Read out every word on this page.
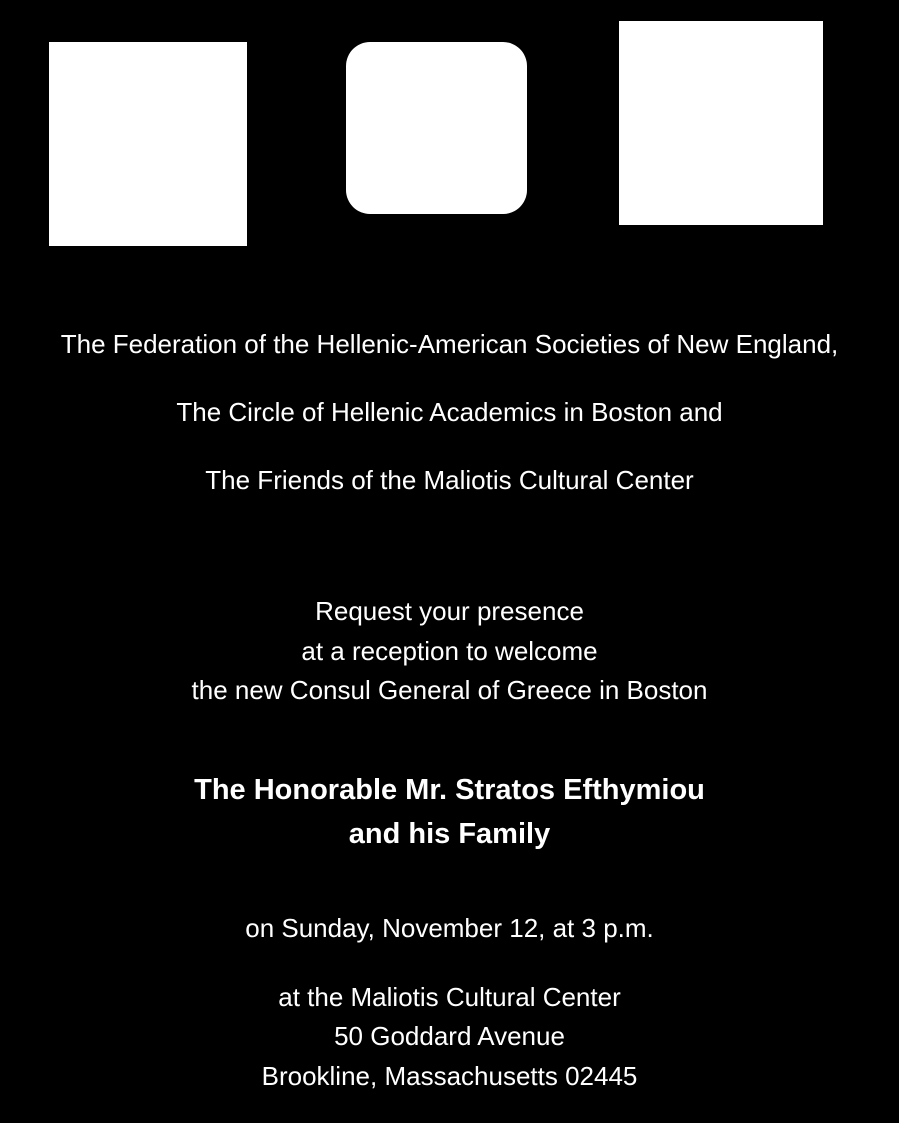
The Federation of the Hellenic-American Societies of New England,
The Circle of Hellenic Academics in Boston and
The Friends of the Maliotis Cultural Center
Request your presence
at a reception to welcome
the new Consul General of Greece in Boston
The Honorable Mr. Stratos Efthymiou
and his Family
on Sunday, November 12, at 3 p.m.
at the Maliotis Cultural Center
50 Goddard Avenue
Brookline, Massachusetts 02445
